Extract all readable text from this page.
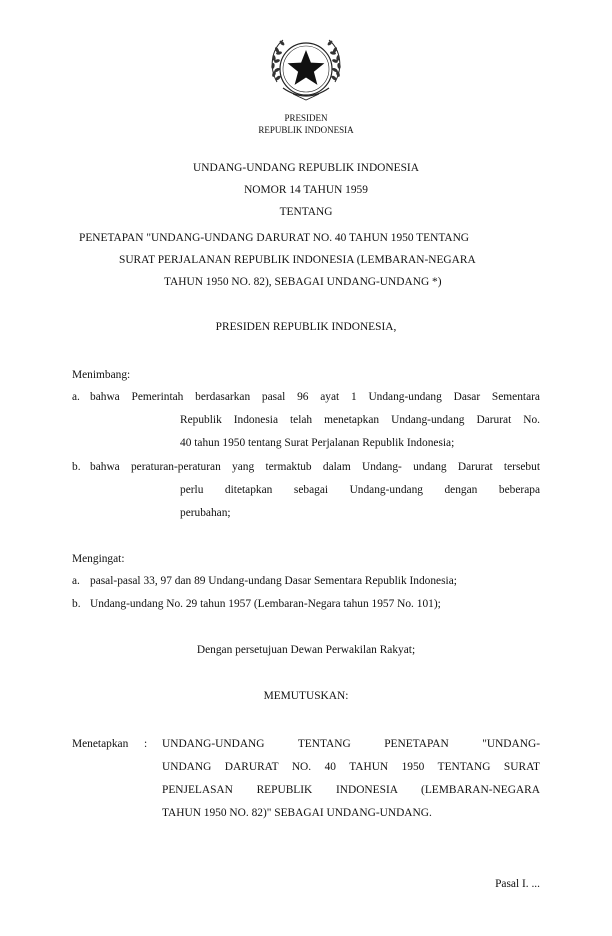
PRESIDEN
REPUBLIK INDONESIA
UNDANG-UNDANG REPUBLIK INDONESIA
NOMOR 14 TAHUN 1959
TENTANG
PENETAPAN "UNDANG-UNDANG DARURAT NO. 40 TAHUN 1950 TENTANG
SURAT PERJALANAN REPUBLIK INDONESIA (LEMBARAN-NEGARA
TAHUN 1950 NO. 82), SEBAGAI UNDANG-UNDANG *)
PRESIDEN REPUBLIK INDONESIA,
Menimbang:
a. bahwa Pemerintah berdasarkan pasal 96 ayat 1 Undang-undang Dasar Sementara
Republik Indonesia telah menetapkan Undang-undang Darurat No.
40 tahun 1950 tentang Surat Perjalanan Republik Indonesia;
b. bahwa peraturan-peraturan yang termaktub dalam Undang- undang Darurat tersebut
perlu ditetapkan sebagai Undang-undang dengan beberapa
perubahan;
Mengingat:
a. pasal-pasal 33, 97 dan 89 Undang-undang Dasar Sementara Republik Indonesia;
b. Undang-undang No. 29 tahun 1957 (Lembaran-Negara tahun 1957 No. 101);
Dengan persetujuan Dewan Perwakilan Rakyat;
MEMUTUSKAN:
Menetapkan : UNDANG-UNDANG TENTANG PENETAPAN "UNDANG-
UNDANG DARURAT NO. 40 TAHUN 1950 TENTANG SURAT
PENJELASAN REPUBLIK INDONESIA (LEMBARAN-NEGARA
TAHUN 1950 NO. 82)" SEBAGAI UNDANG-UNDANG.
Pasal I. ...
